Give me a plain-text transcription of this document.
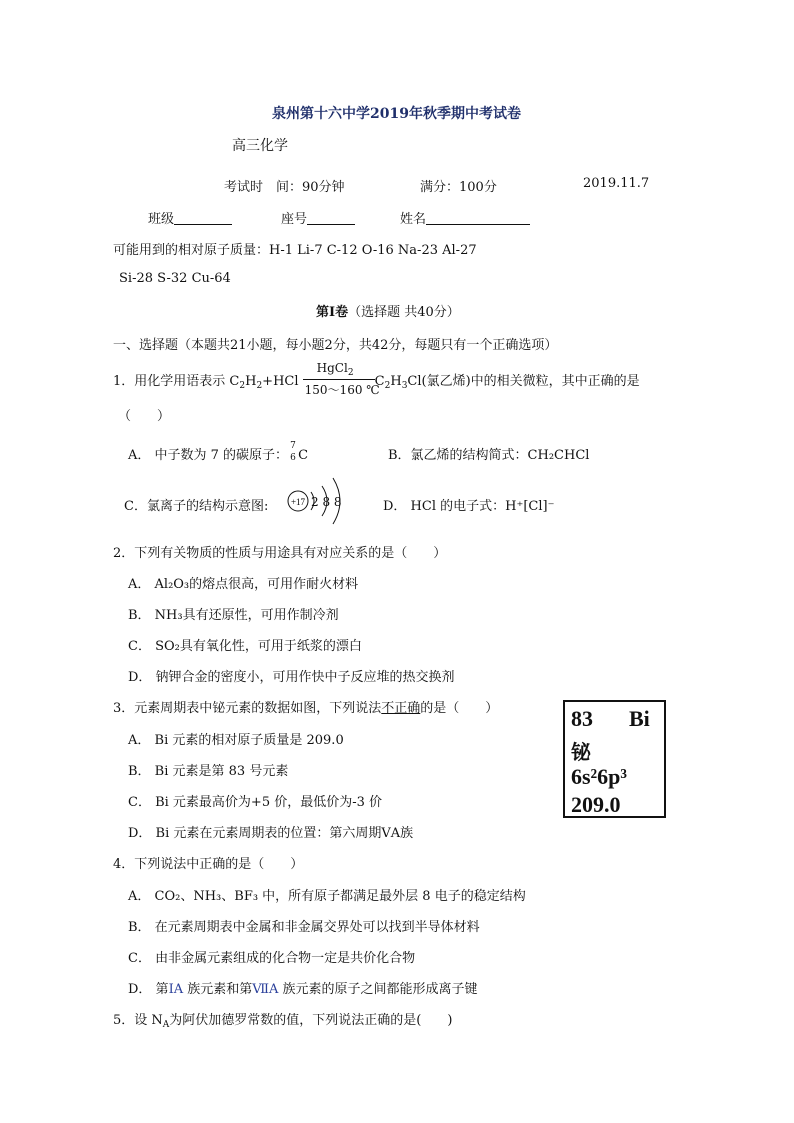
泉州第十六中学2019年秋季期中考试卷
高三化学
考试时　间：90分钟	满分：100分	2019.11.7
班级	座号	姓名
可能用到的相对原子质量：H-1 Li-7 C-12 O-16 Na-23 Al-27
Si-28 S-32 Cu-64
第Ⅰ卷（选择题 共40分）
一、选择题（本题共21小题，每小题2分，共42分，每题只有一个正确选项）
1．用化学用语表示 $C_2H_2+HCl$
HgCl$_2$
150～160 ℃
$C_2H_3Cl$(氯乙烯)中的相关微粒，其中正确的是
（　　）
A． 中子数为 7 的碳原子：
7
6 C	B．氯乙烯的结构简式：CH₂CHCl
C．氯离子的结构示意图:	+17 2 8 8	D． HCl 的电子式：H⁺[Cl]⁻
2．下列有关物质的性质与用途具有对应关系的是（　　）
A． Al₂O₃的熔点很高，可用作耐火材料
B． NH₃具有还原性，可用作制冷剂
C． SO₂具有氧化性，可用于纸浆的漂白
D． 钠钾合金的密度小，可用作快中子反应堆的热交换剂
3．元素周期表中铋元素的数据如图，下列说法不正确的是（　　）
A． Bi 元素的相对原子质量是 209.0
B． Bi 元素是第 83 号元素
C． Bi 元素最高价为+5 价，最低价为-3 价
D． Bi 元素在元素周期表的位置：第六周期ⅤA族
83 Bi
铋
6s²6p³
209.0
4．下列说法中正确的是（　　）
A． CO₂、NH₃、BF₃ 中，所有原子都满足最外层 8 电子的稳定结构
B． 在元素周期表中金属和非金属交界处可以找到半导体材料
C． 由非金属元素组成的化合物一定是共价化合物
D． 第ⅠA 族元素和第ⅦA 族元素的原子之间都能形成离子键
5．设 $N_A$为阿伏加德罗常数的值，下列说法正确的是(　　)
